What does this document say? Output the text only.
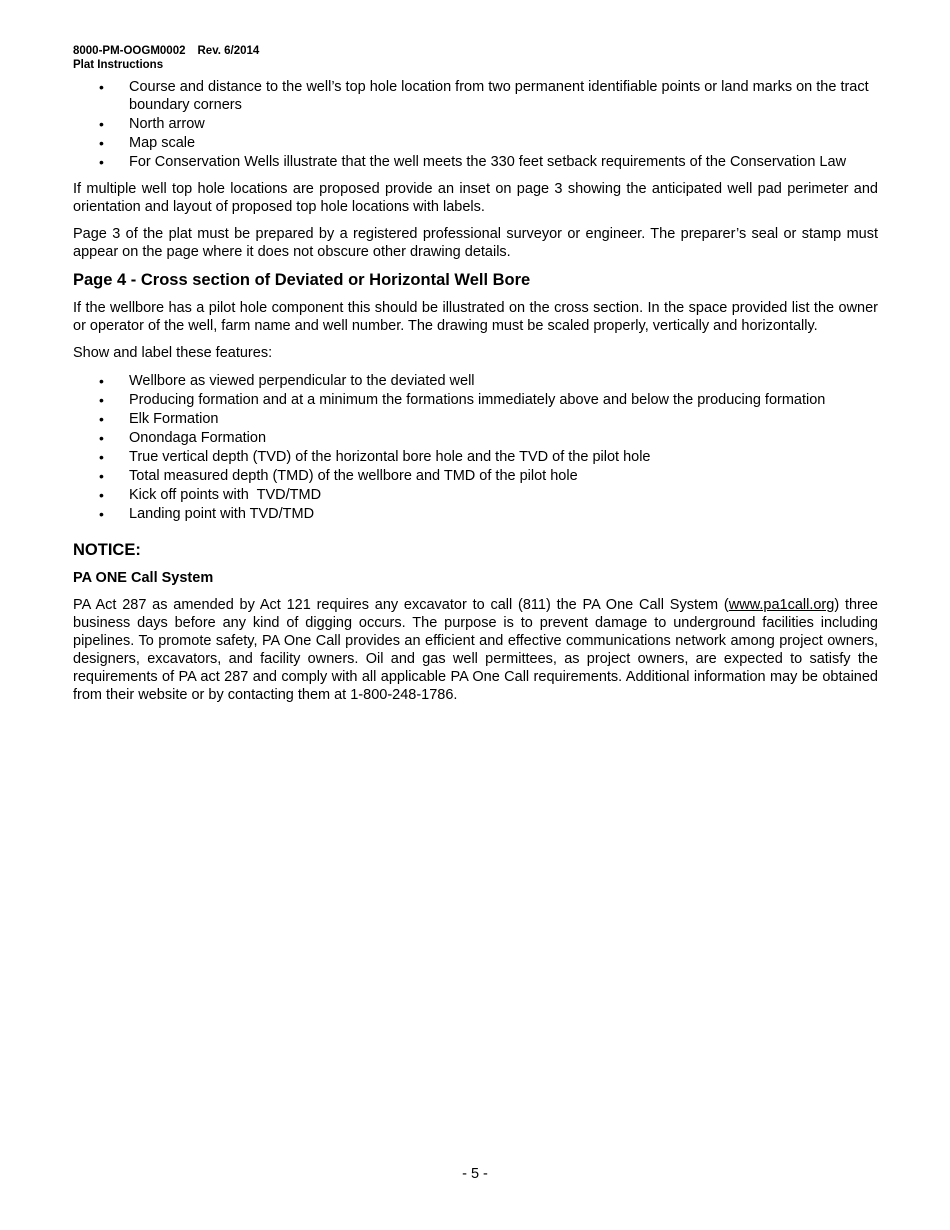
8000-PM-OOGM0002 Rev. 6/2014
Plat Instructions
• Course and distance to the well’s top hole location from two permanent identifiable points or land marks on the tract boundary corners
• North arrow
• Map scale
• For Conservation Wells illustrate that the well meets the 330 feet setback requirements of the Conservation Law

If multiple well top hole locations are proposed provide an inset on page 3 showing the anticipated well pad perimeter and orientation and layout of proposed top hole locations with labels.

Page 3 of the plat must be prepared by a registered professional surveyor or engineer. The preparer’s seal or stamp must appear on the page where it does not obscure other drawing details.

Page 4 - Cross section of Deviated or Horizontal Well Bore

If the wellbore has a pilot hole component this should be illustrated on the cross section. In the space provided list the owner or operator of the well, farm name and well number. The drawing must be scaled properly, vertically and horizontally.

Show and label these features:

• Wellbore as viewed perpendicular to the deviated well
• Producing formation and at a minimum the formations immediately above and below the producing formation
• Elk Formation
• Onondaga Formation
• True vertical depth (TVD) of the horizontal bore hole and the TVD of the pilot hole
• Total measured depth (TMD) of the wellbore and TMD of the pilot hole
• Kick off points with  TVD/TMD
• Landing point with TVD/TMD
NOTICE:
PA ONE Call System

PA Act 287 as amended by Act 121 requires any excavator to call (811) the PA One Call System (www.pa1call.org) three business days before any kind of digging occurs. The purpose is to prevent damage to underground facilities including pipelines. To promote safety, PA One Call provides an efficient and effective communications network among project owners, designers, excavators, and facility owners. Oil and gas well permittees, as project owners, are expected to satisfy the requirements of PA act 287 and comply with all applicable PA One Call requirements. Additional information may be obtained from their website or by contacting them at 1-800-248-1786.

- 5 -
